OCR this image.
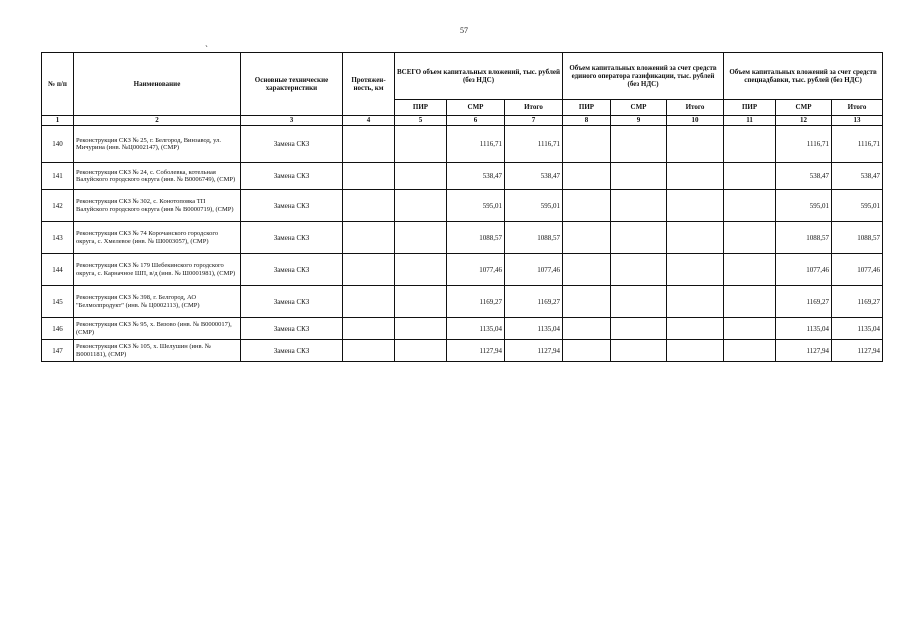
57
`
№ п/п	Наименование	Основные технические характеристики	Протяжен-ность, км	ВСЕГО объем капитальных вложений, тыс. рублей (без НДС)			Объем капитальных вложений за счет средств единого оператора газификации, тыс. рублей (без НДС)			Объем капитальных вложений за счет средств спецнадбавки, тыс. рублей (без НДС)		
				ПИР	СМР	Итого	ПИР	СМР	Итого	ПИР	СМР	Итого
1	2	3	4	5	6	7	8	9	10	11	12	13
140	Реконструкция СКЗ № 25, г. Белгород, Винзавод, ул. Мичурина (инв. №Ц0002147), (СМР)	Замена СКЗ			1116,71	1116,71					1116,71	1116,71
141	Реконструкция СКЗ № 24, с. Соболевка, котельная Валуйского городского округа (инв. № В0006749), (СМР)	Замена СКЗ			538,47	538,47					538,47	538,47
142	Реконструкция СКЗ № 302, с. Конотоповка ТП Валуйского городского округа (инв № В0000719), (СМР)	Замена СКЗ			595,01	595,01					595,01	595,01
143	Реконструкция СКЗ № 74 Корочанского городского округа, с. Хмелевое (инв. № Ш0003057), (СМР)	Замена СКЗ			1088,57	1088,57					1088,57	1088,57
144	Реконструкция СКЗ № 179 Шебекинского городского округа, с. Карначное ШП, в/д (инв. № Ш0001981), (СМР)	Замена СКЗ			1077,46	1077,46					1077,46	1077,46
145	Реконструкция СКЗ № 398, г. Белгород, АО "Белмолпродукт" (инв. № Ц0002113), (СМР)	Замена СКЗ			1169,27	1169,27					1169,27	1169,27
146	Реконструкция СКЗ № 95, х. Вязово (инв. № В0000017), (СМР)	Замена СКЗ			1135,04	1135,04					1135,04	1135,04
147	Реконструкция СКЗ № 105, х. Шелушин (инв. № В0001181), (СМР)	Замена СКЗ			1127,94	1127,94					1127,94	1127,94
